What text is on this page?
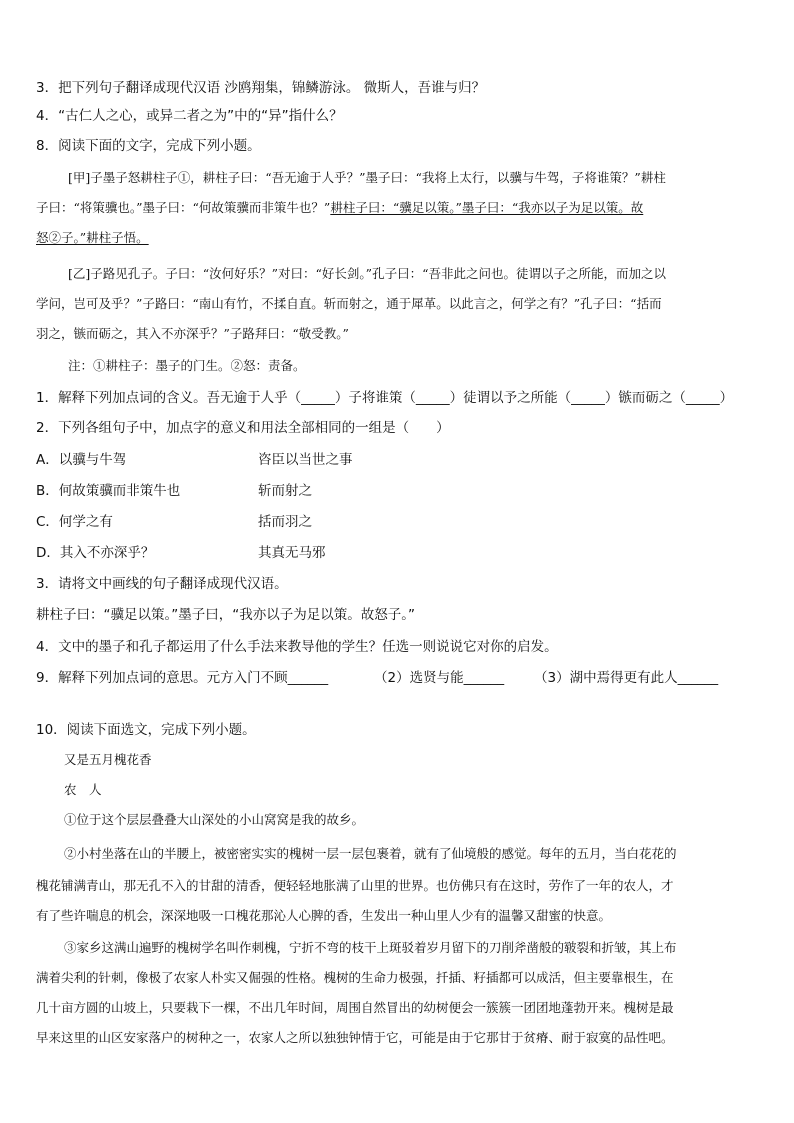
3．把下列句子翻译成现代汉语 沙鸥翔集，锦鳞游泳。 微斯人，吾谁与归？
4．“古仁人之心，或异二者之为”中的“异”指什么？
8．阅读下面的文字，完成下列小题。
[甲]子墨子怒耕柱子①，耕柱子曰：“吾无逾于人乎？”墨子曰：“我将上太行，以骥与牛驾，子将谁策？”耕柱
子曰：“将策骥也。”墨子曰：“何故策骥而非策牛也？”耕柱子曰：“骥足以策。”墨子曰：“我亦以子为足以策。故
怒②子。”耕柱子悟。
[乙]子路见孔子。子曰：“汝何好乐？”对曰：“好长剑。”孔子曰：“吾非此之问也。徒谓以子之所能，而加之以
学问，岂可及乎？”子路曰：“南山有竹，不揉自直。斩而射之，通于犀革。以此言之，何学之有？”孔子曰：“括而
羽之，镞而砺之，其入不亦深乎？”子路拜曰：“敬受教。”
注：①耕柱子：墨子的门生。②怒：责备。
1．解释下列加点词的含义。吾无逾于人乎（_____）子将谁策（_____）徒谓以予之所能（_____）镞而砺之（_____）
2．下列各组句子中，加点字的意义和用法全部相同的一组是（　　）
A．以骥与牛驾	咨臣以当世之事
B．何故策骥而非策牛也	斩而射之
C．何学之有	括而羽之
D．其入不亦深乎？	其真无马邪
3．请将文中画线的句子翻译成现代汉语。
耕柱子曰：“骥足以策。”墨子曰，“我亦以子为足以策。故怒子。”
4．文中的墨子和孔子都运用了什么手法来教导他的学生？任选一则说说它对你的启发。
9．解释下列加点词的意思。元方入门不顾______	（2）选贤与能______ （3）湖中焉得更有此人______
10．阅读下面选文，完成下列小题。
又是五月槐花香
农　人
①位于这个层层叠叠大山深处的小山窝窝是我的故乡。
②小村坐落在山的半腰上，被密密实实的槐树一层一层包裹着，就有了仙境般的感觉。每年的五月，当白花花的
槐花铺满青山，那无孔不入的甘甜的清香，便轻轻地胀满了山里的世界。也仿佛只有在这时，劳作了一年的农人，才
有了些许喘息的机会，深深地吸一口槐花那沁人心脾的香，生发出一种山里人少有的温馨又甜蜜的快意。
③家乡这满山遍野的槐树学名叫作刺槐，宁折不弯的枝干上斑驳着岁月留下的刀削斧凿般的皲裂和折皱，其上布
满着尖利的针刺，像极了农家人朴实又倔强的性格。槐树的生命力极强，扦插、籽插都可以成活，但主要靠根生，在
几十亩方圆的山坡上，只要栽下一棵，不出几年时间，周围自然冒出的幼树便会一簇簇一团团地蓬勃开来。槐树是最
早来这里的山区安家落户的树种之一，农家人之所以独独钟情于它，可能是由于它那甘于贫瘠、耐于寂寞的品性吧。
